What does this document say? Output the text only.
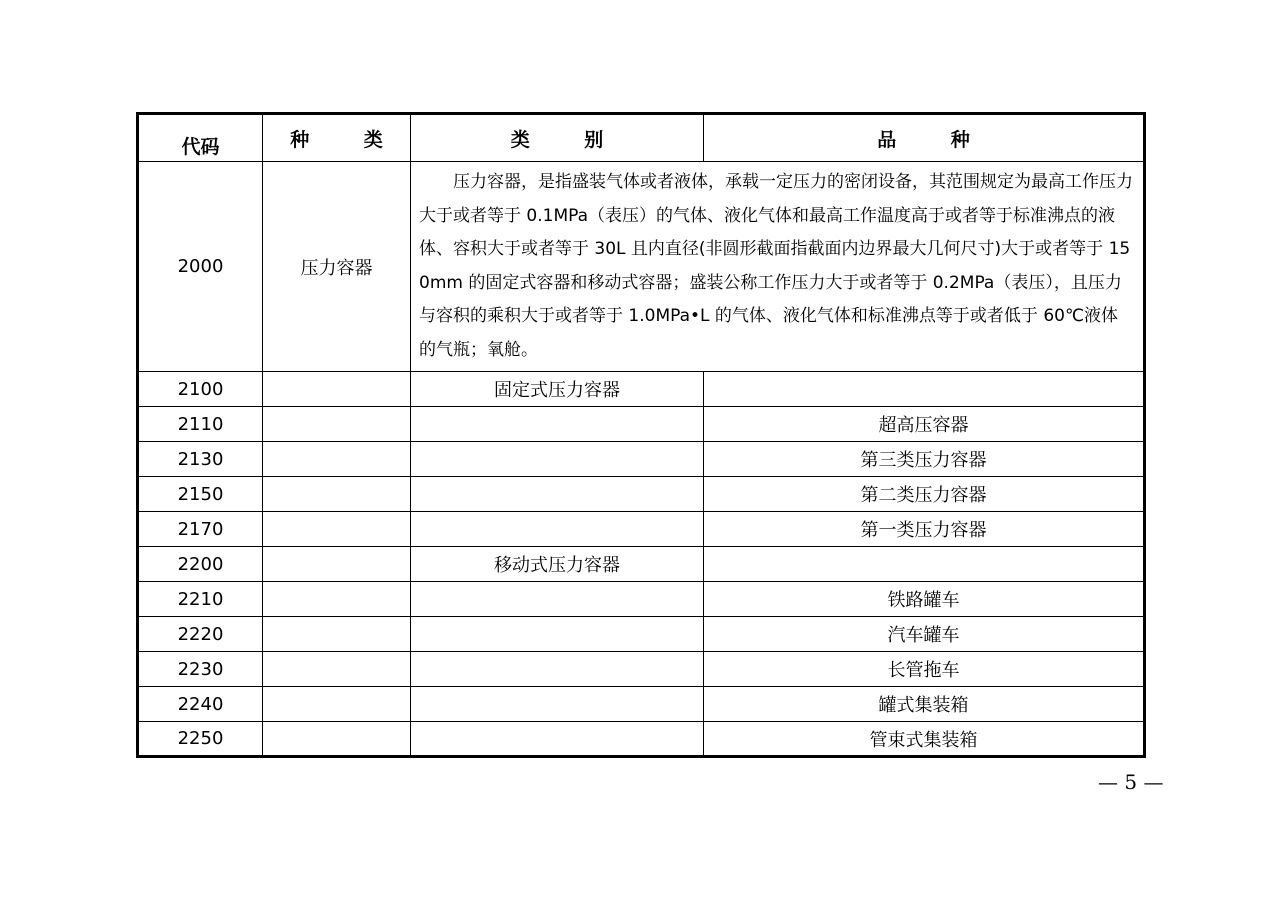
代码	种 类	类 别	品 种
2000	压力容器	压力容器，是指盛装气体或者液体，承载一定压力的密闭设备，其范围规定为最高工作压力大于或者等于 0.1MPa（表压）的气体、液化气体和最高工作温度高于或者等于标准沸点的液体、容积大于或者等于 30L 且内直径(非圆形截面指截面内边界最大几何尺寸)大于或者等于 150mm 的固定式容器和移动式容器；盛装公称工作压力大于或者等于 0.2MPa（表压），且压力与容积的乘积大于或者等于 1.0MPa•L 的气体、液化气体和标准沸点等于或者低于 60℃液体的气瓶；氧舱。	
2100		固定式压力容器	
2110			超高压容器
2130			第三类压力容器
2150			第二类压力容器
2170			第一类压力容器
2200		移动式压力容器	
2210			铁路罐车
2220			汽车罐车
2230			长管拖车
2240			罐式集装箱
2250			管束式集装箱
— 5 —
